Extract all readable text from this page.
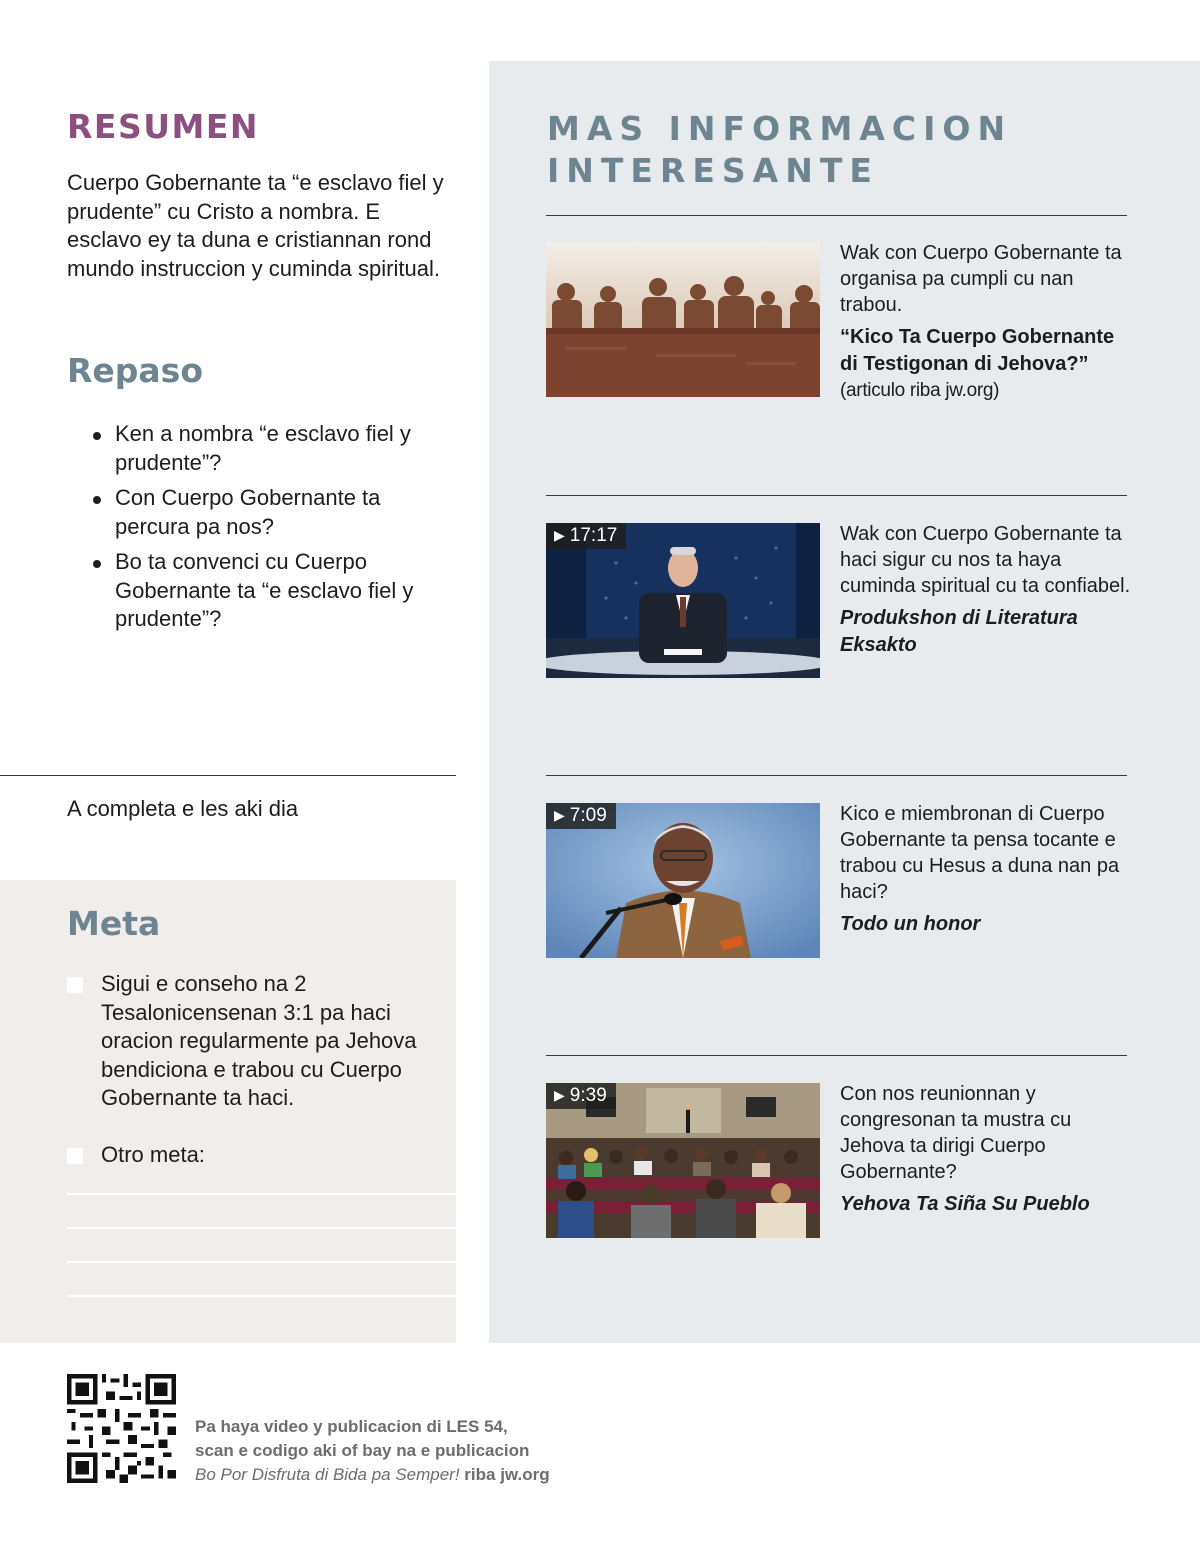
RESUMEN

Cuerpo Gobernante ta “e esclavo fiel y prudente” cu Cristo a nombra. E esclavo ey ta duna e cristiannan rond mundo instruccion y cuminda spiritual.

Repaso
Ken a nombra “e esclavo fiel y prudente”?
Con Cuerpo Gobernante ta percura pa nos?
Bo ta convenci cu Cuerpo Gobernante ta “e esclavo fiel y prudente”?
A completa e les aki dia
Meta
Sigui e conseho na 2 Tesalonicensenan 3:1 pa haci oracion regularmente pa Jehova bendiciona e trabou cu Cuerpo Gobernante ta haci.
Otro meta:
MAS INFORMACION
INTERESANTE
Wak con Cuerpo Gobernante ta organisa pa cumpli cu nan trabou.
“Kico Ta Cuerpo Gobernante di Testigonan di Jehova?”
(articulo riba jw.org)
▶ 17:17	Wak con Cuerpo Gobernante ta haci sigur cu nos ta haya cuminda spiritual cu ta confiabel.
Produkshon di Literatura Eksakto
▶ 7:09	Kico e miembronan di Cuerpo Gobernante ta pensa tocante e trabou cu Hesus a duna nan pa haci?
Todo un honor
▶ 9:39	Con nos reunionnan y congresonan ta mustra cu Jehova ta dirigi Cuerpo Gobernante?
Yehova Ta Siña Su Pueblo
Pa haya video y publicacion di LES 54,
scan e codigo aki of bay na e publicacion
Bo Por Disfruta di Bida pa Semper! riba jw.org
